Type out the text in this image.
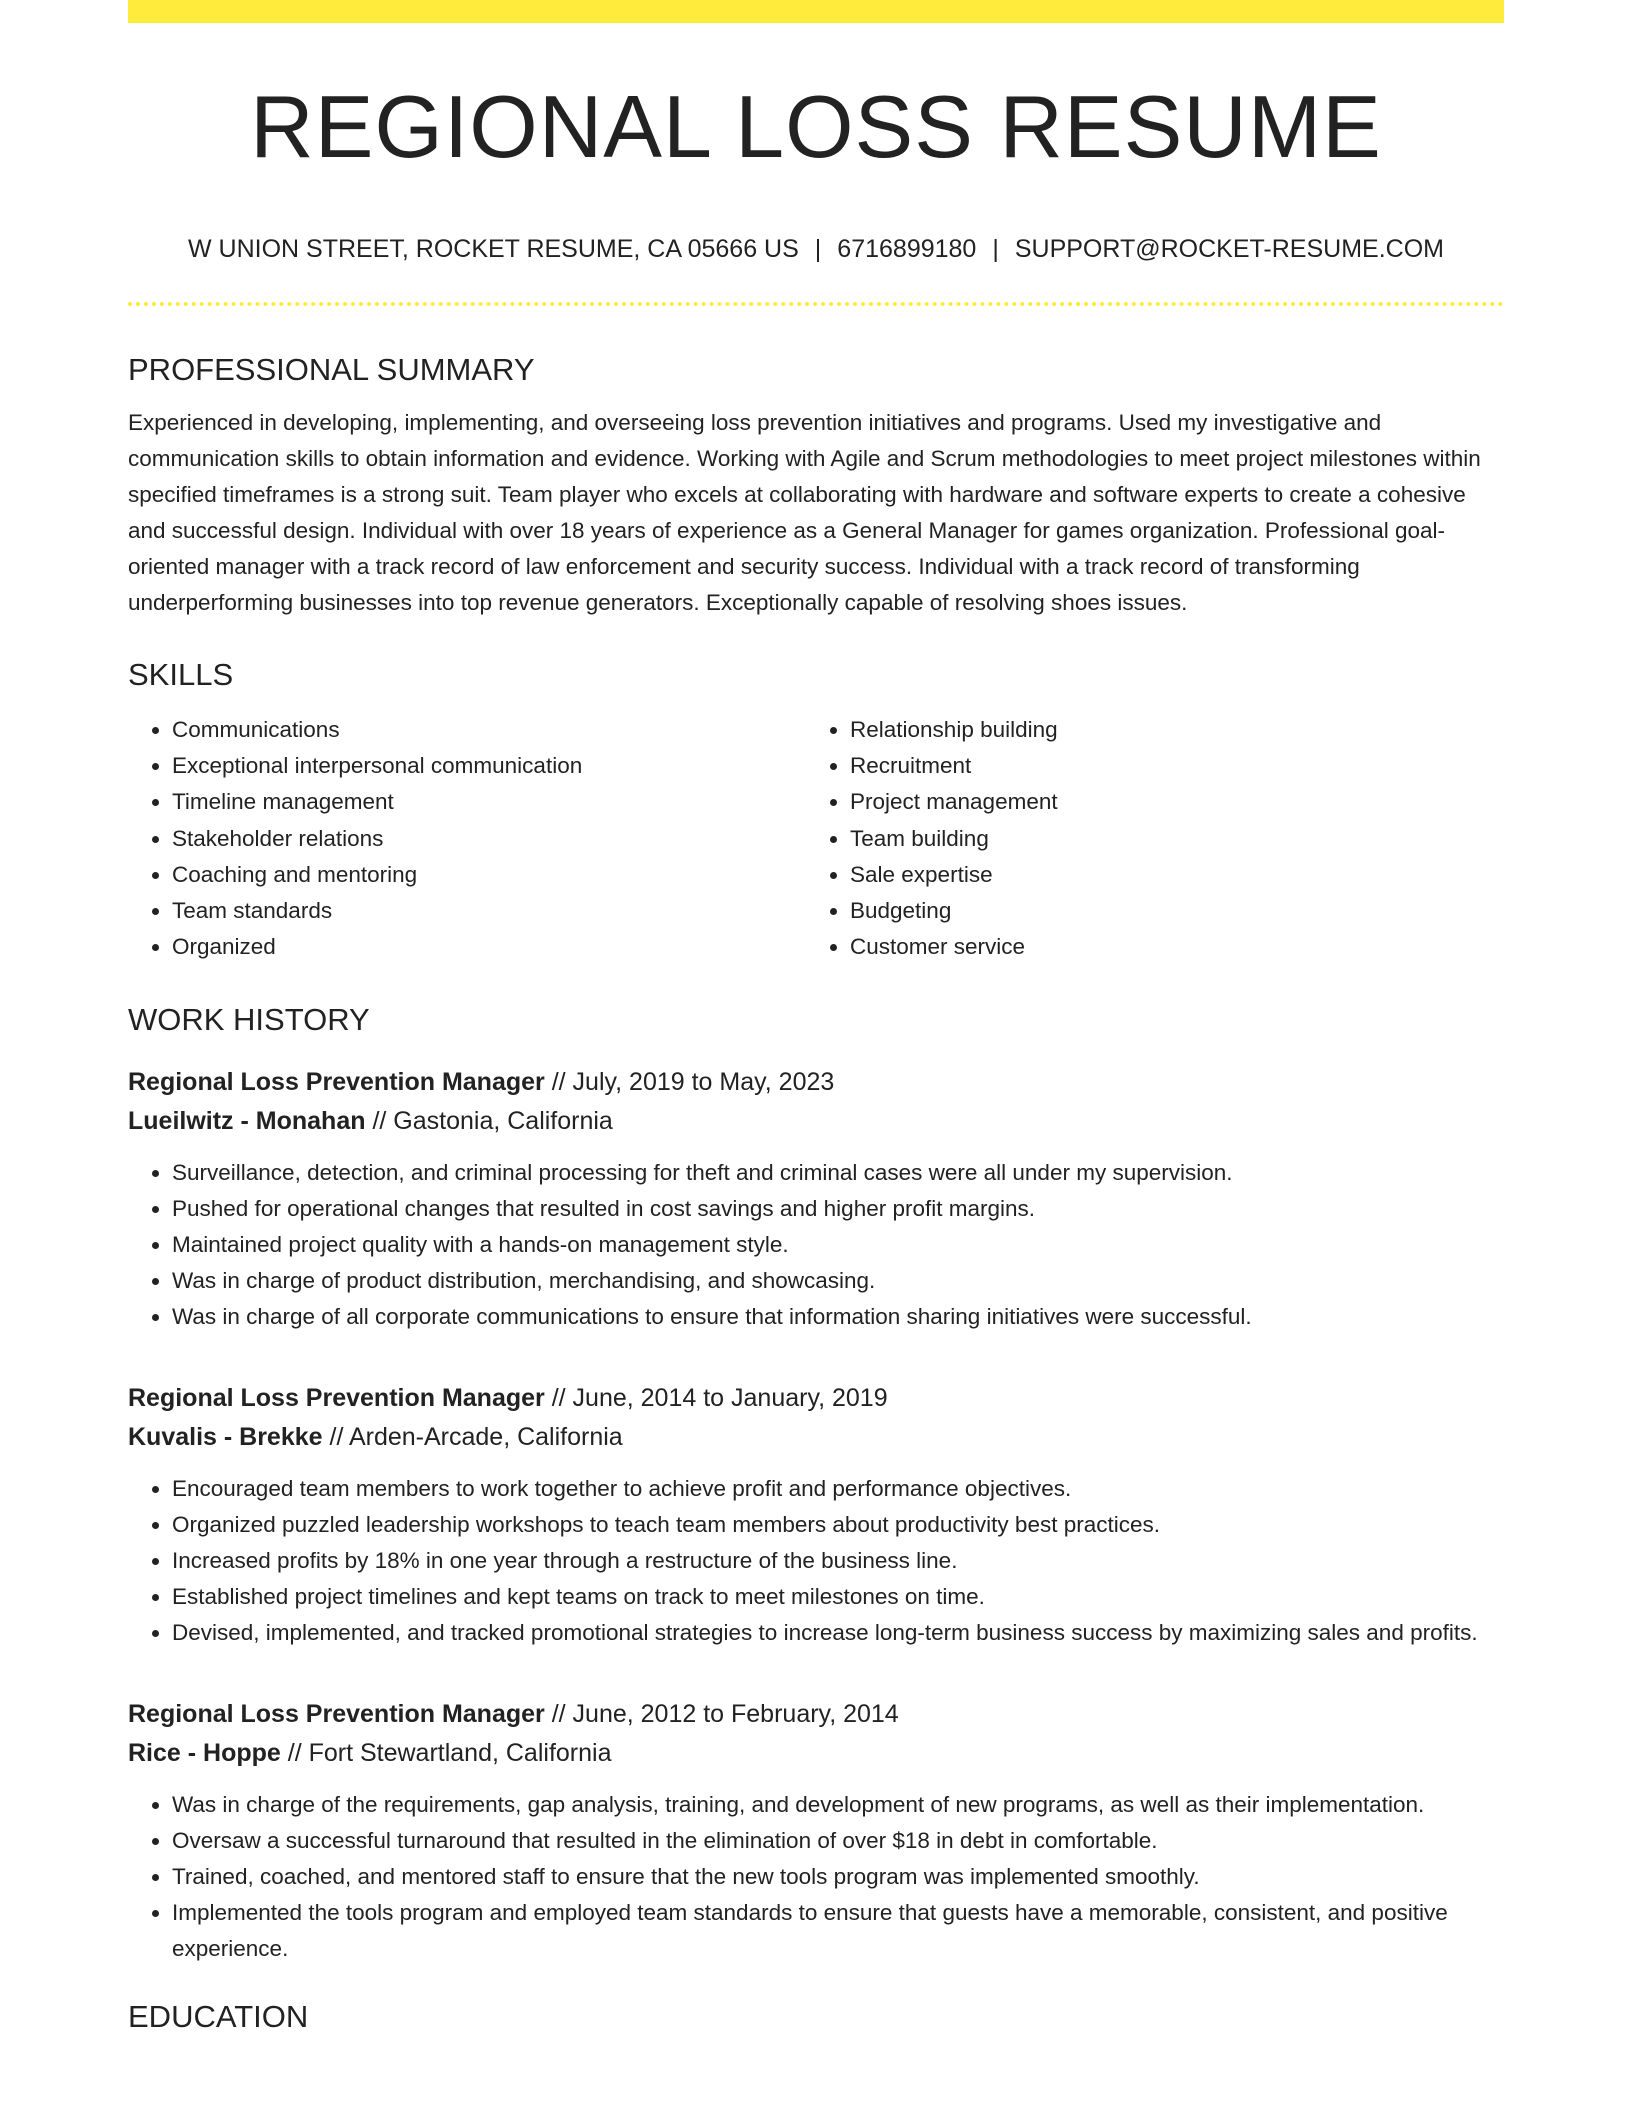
REGIONAL LOSS RESUME
W UNION STREET, ROCKET RESUME, CA 05666 US | 6716899180 | SUPPORT@ROCKET-RESUME.COM
PROFESSIONAL SUMMARY

Experienced in developing, implementing, and overseeing loss prevention initiatives and programs. Used my investigative and communication skills to obtain information and evidence. Working with Agile and Scrum methodologies to meet project milestones within specified timeframes is a strong suit. Team player who excels at collaborating with hardware and software experts to create a cohesive and successful design. Individual with over 18 years of experience as a General Manager for games organization. Professional goal-oriented manager with a track record of law enforcement and security success. Individual with a track record of transforming underperforming businesses into top revenue generators. Exceptionally capable of resolving shoes issues.

SKILLS
• Communications
• Exceptional interpersonal communication
• Timeline management
• Stakeholder relations
• Coaching and mentoring
• Team standards
• Organized
• Relationship building
• Recruitment
• Project management
• Team building
• Sale expertise
• Budgeting
• Customer service
WORK HISTORY
Regional Loss Prevention Manager // July, 2019 to May, 2023
Lueilwitz - Monahan // Gastonia, California
• Surveillance, detection, and criminal processing for theft and criminal cases were all under my supervision.
• Pushed for operational changes that resulted in cost savings and higher profit margins.
• Maintained project quality with a hands-on management style.
• Was in charge of product distribution, merchandising, and showcasing.
• Was in charge of all corporate communications to ensure that information sharing initiatives were successful.
Regional Loss Prevention Manager // June, 2014 to January, 2019
Kuvalis - Brekke // Arden-Arcade, California
• Encouraged team members to work together to achieve profit and performance objectives.
• Organized puzzled leadership workshops to teach team members about productivity best practices.
• Increased profits by 18% in one year through a restructure of the business line.
• Established project timelines and kept teams on track to meet milestones on time.
• Devised, implemented, and tracked promotional strategies to increase long-term business success by maximizing sales and profits.
Regional Loss Prevention Manager // June, 2012 to February, 2014
Rice - Hoppe // Fort Stewartland, California
• Was in charge of the requirements, gap analysis, training, and development of new programs, as well as their implementation.
• Oversaw a successful turnaround that resulted in the elimination of over $18 in debt in comfortable.
• Trained, coached, and mentored staff to ensure that the new tools program was implemented smoothly.
• Implemented the tools program and employed team standards to ensure that guests have a memorable, consistent, and positive experience.
EDUCATION
